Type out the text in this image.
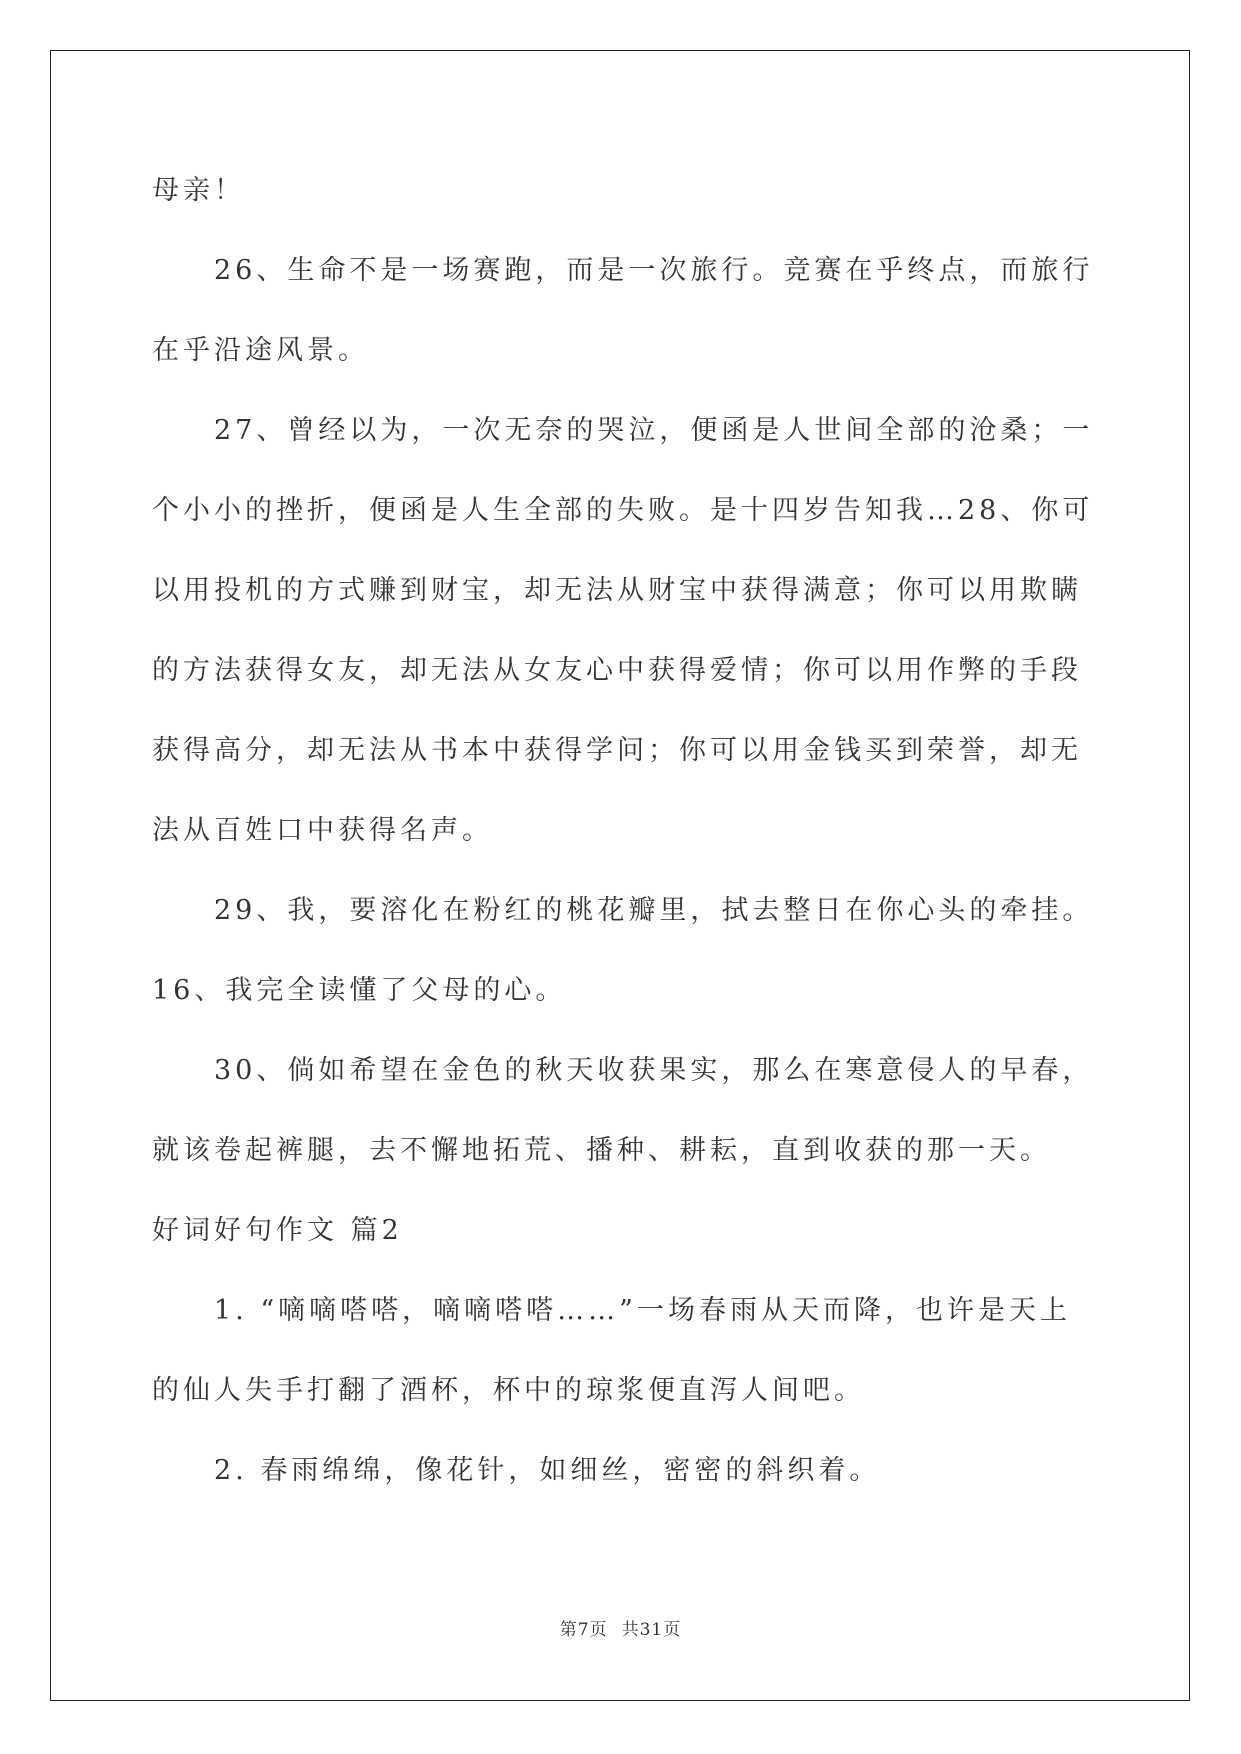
母亲！
　　26、生命不是一场赛跑，而是一次旅行。竞赛在乎终点，而旅行
在乎沿途风景。
　　27、曾经以为，一次无奈的哭泣，便函是人世间全部的沧桑；一
个小小的挫折，便函是人生全部的失败。是十四岁告知我…28、你可
以用投机的方式赚到财宝，却无法从财宝中获得满意；你可以用欺瞒
的方法获得女友，却无法从女友心中获得爱情；你可以用作弊的手段
获得高分，却无法从书本中获得学问；你可以用金钱买到荣誉，却无
法从百姓口中获得名声。
　　29、我，要溶化在粉红的桃花瓣里，拭去整日在你心头的牵挂。
16、我完全读懂了父母的心。
　　30、倘如希望在金色的秋天收获果实，那么在寒意侵人的早春，
就该卷起裤腿，去不懈地拓荒、播种、耕耘，直到收获的那一天。
好词好句作文 篇2
　　1. “嘀嘀嗒嗒，嘀嘀嗒嗒……”一场春雨从天而降，也许是天上
的仙人失手打翻了酒杯，杯中的琼浆便直泻人间吧。
　　2. 春雨绵绵，像花针，如细丝，密密的斜织着。
第7页 共31页
